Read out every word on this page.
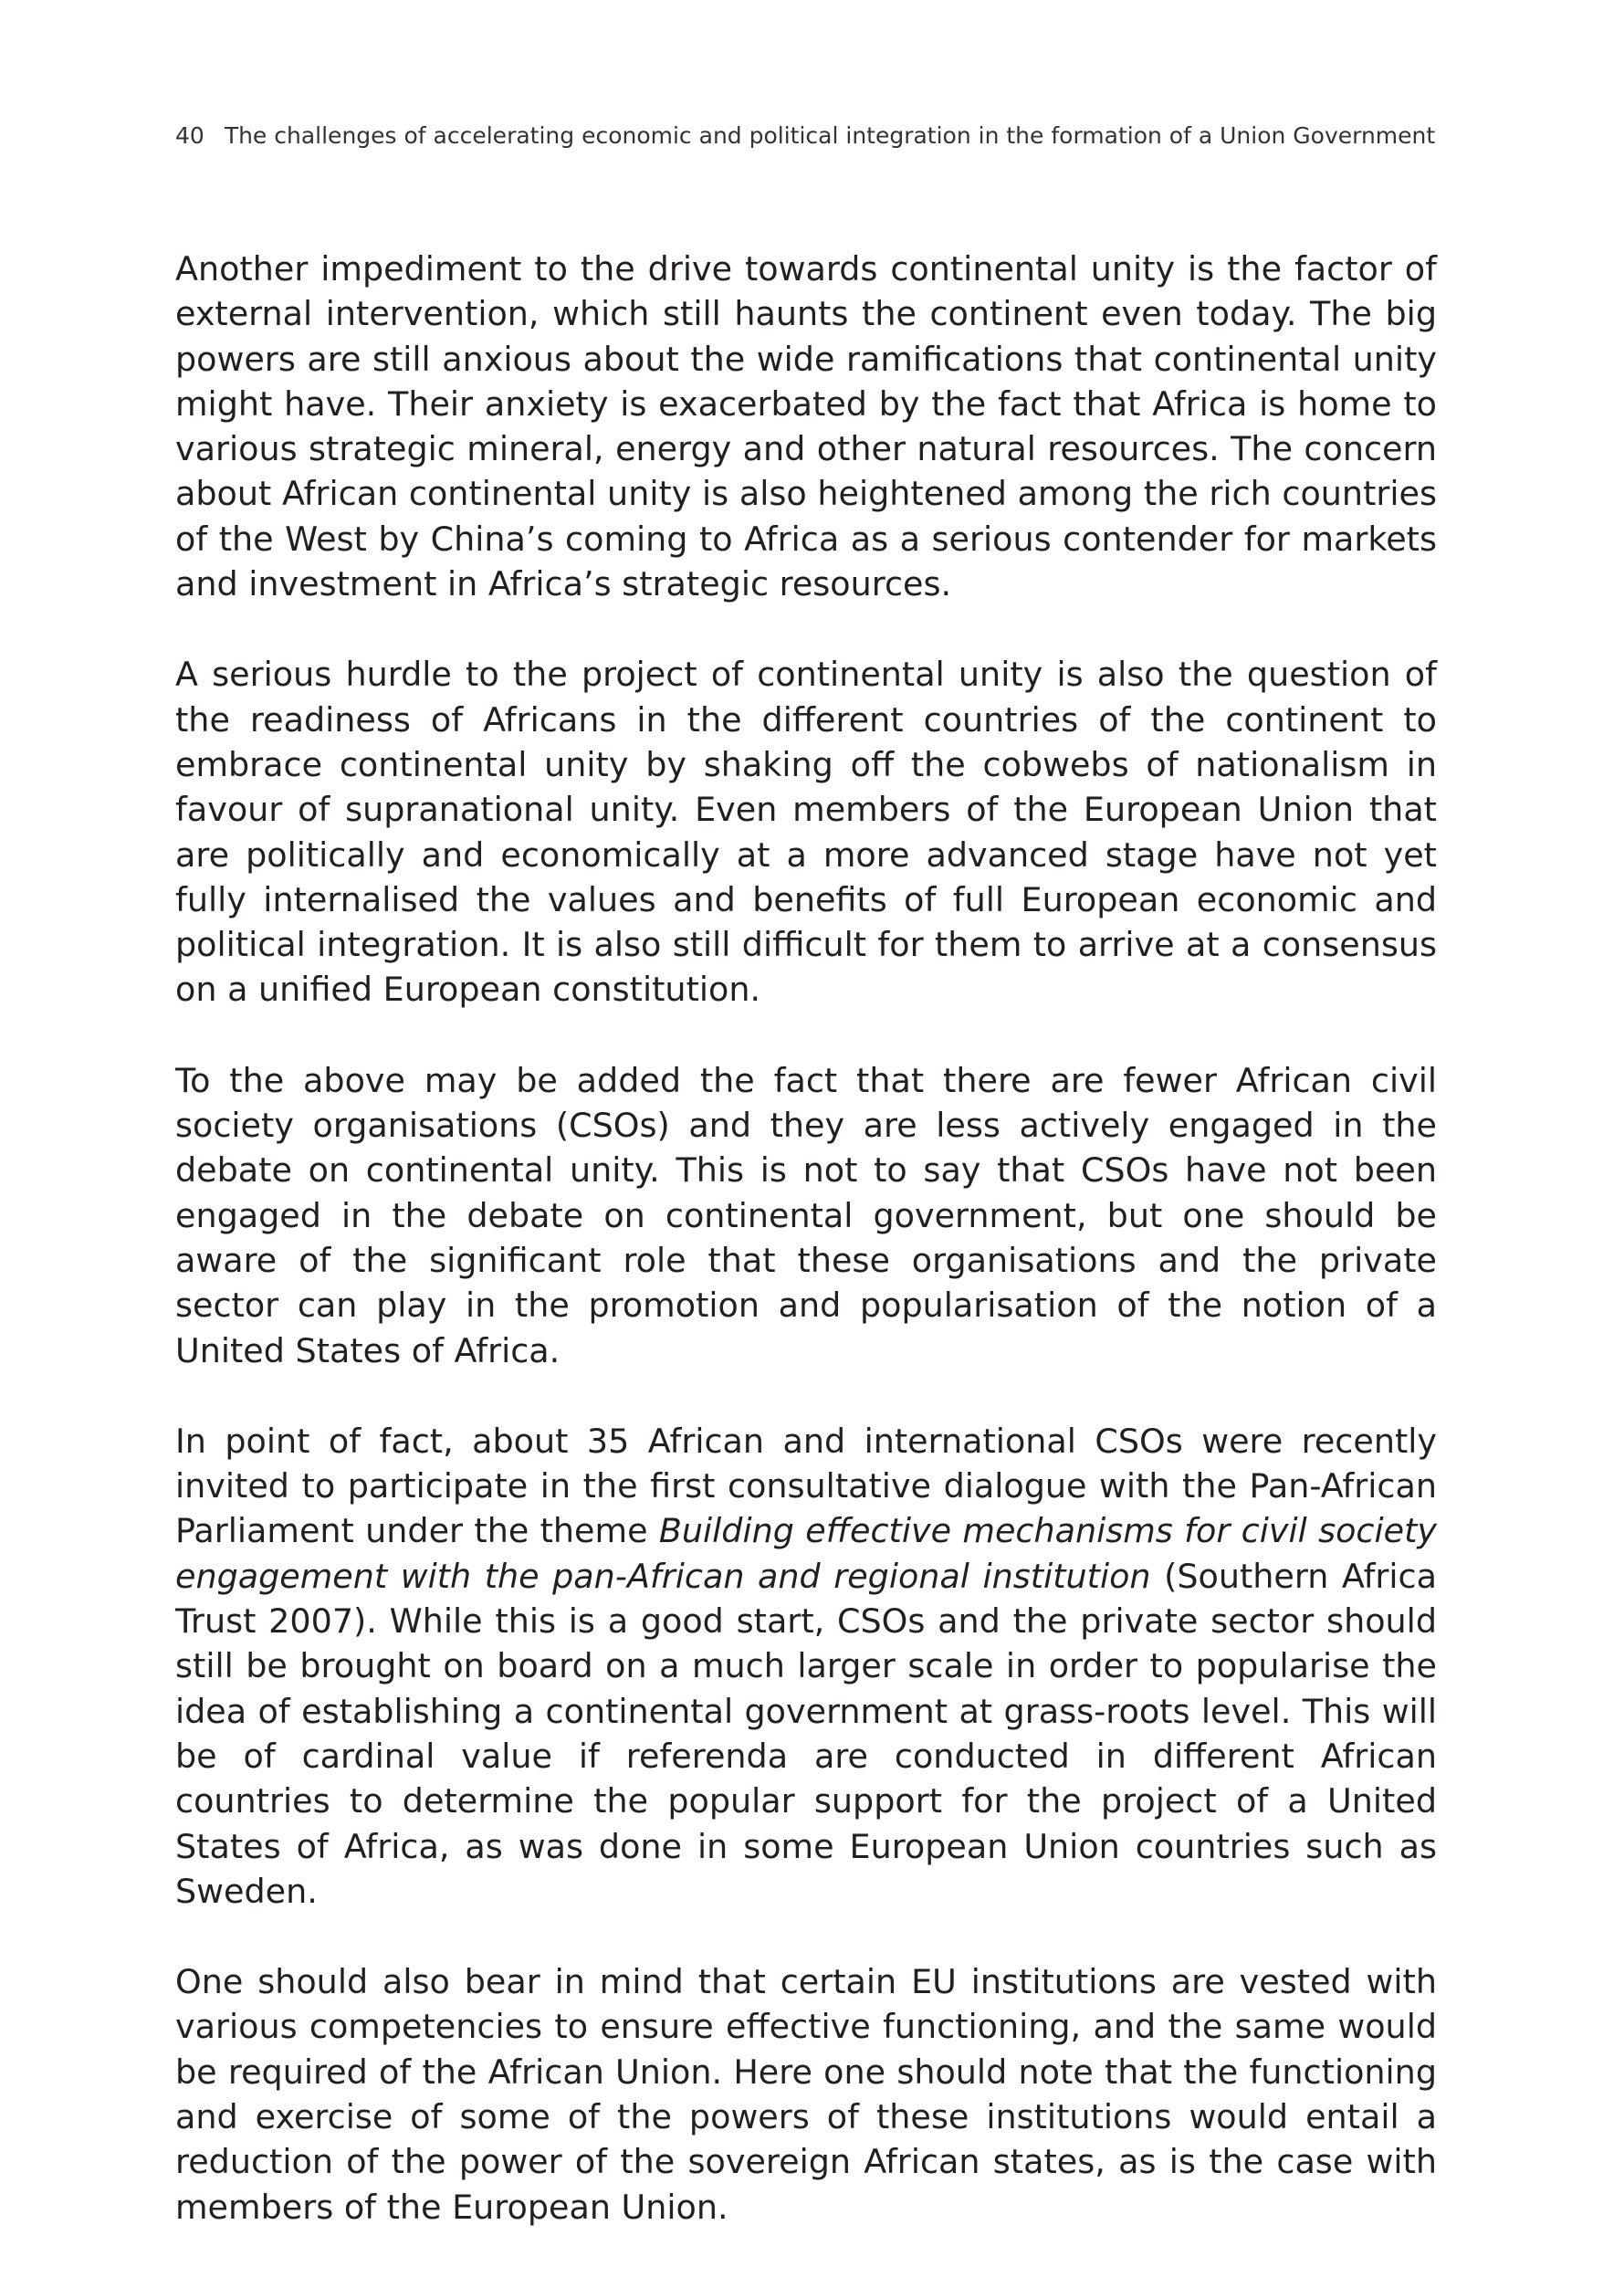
40 The challenges of accelerating economic and political integration in the formation of a Union Government

Another impediment to the drive towards continental unity is the factor of external intervention, which still haunts the continent even today. The big powers are still anxious about the wide ramifications that continental unity might have. Their anxiety is exacerbated by the fact that Africa is home to various strategic mineral, energy and other natural resources. The concern about African continental unity is also heightened among the rich countries of the West by China’s coming to Africa as a serious contender for markets and investment in Africa’s strategic resources.

A serious hurdle to the project of continental unity is also the question of the readiness of Africans in the different countries of the continent to embrace continental unity by shaking off the cobwebs of nationalism in favour of supranational unity. Even members of the European Union that are politically and economically at a more advanced stage have not yet fully internalised the values and benefits of full European economic and political integration. It is also still difficult for them to arrive at a consensus on a unified European constitution.

To the above may be added the fact that there are fewer African civil society organisations (CSOs) and they are less actively engaged in the debate on continental unity. This is not to say that CSOs have not been engaged in the debate on continental government, but one should be aware of the significant role that these organisations and the private sector can play in the promotion and popularisation of the notion of a United States of Africa.

In point of fact, about 35 African and international CSOs were recently invited to participate in the first consultative dialogue with the Pan-African Parliament under the theme Building effective mechanisms for civil society engagement with the pan-African and regional institution (Southern Africa Trust 2007). While this is a good start, CSOs and the private sector should still be brought on board on a much larger scale in order to popularise the idea of establishing a continental government at grass-roots level. This will be of cardinal value if referenda are conducted in different African countries to determine the popular support for the project of a United States of Africa, as was done in some European Union countries such as Sweden.

One should also bear in mind that certain EU institutions are vested with various competencies to ensure effective functioning, and the same would be required of the African Union. Here one should note that the functioning and exercise of some of the powers of these institutions would entail a reduction of the power of the sovereign African states, as is the case with members of the European Union.
